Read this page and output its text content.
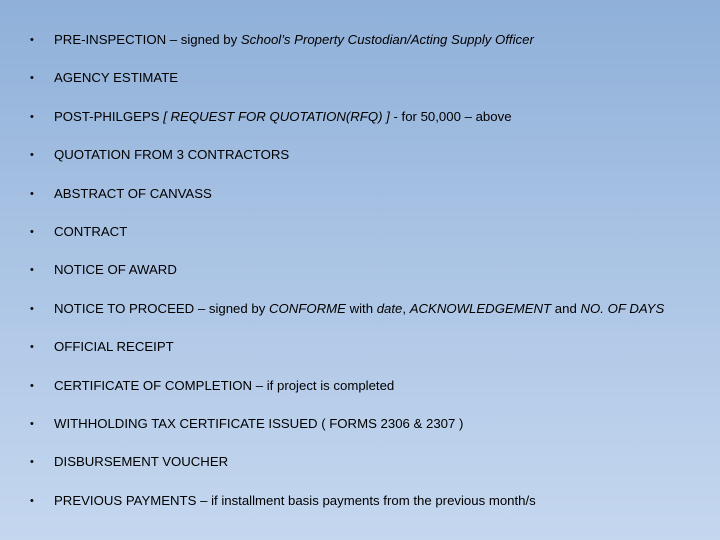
•	PRE-INSPECTION – signed by School’s Property Custodian/Acting Supply Officer
•	AGENCY ESTIMATE
•	POST-PHILGEPS [ REQUEST FOR QUOTATION(RFQ) ] - for 50,000 – above
•	QUOTATION FROM 3 CONTRACTORS
•	ABSTRACT OF CANVASS
•	CONTRACT
•	NOTICE OF AWARD
•	NOTICE TO PROCEED – signed by CONFORME with date, ACKNOWLEDGEMENT and NO. OF DAYS
•	OFFICIAL RECEIPT
•	CERTIFICATE OF COMPLETION – if project is completed
•	WITHHOLDING TAX CERTIFICATE ISSUED ( FORMS 2306 & 2307 )
•	DISBURSEMENT VOUCHER
•	PREVIOUS PAYMENTS – if installment basis payments from the previous month/s
